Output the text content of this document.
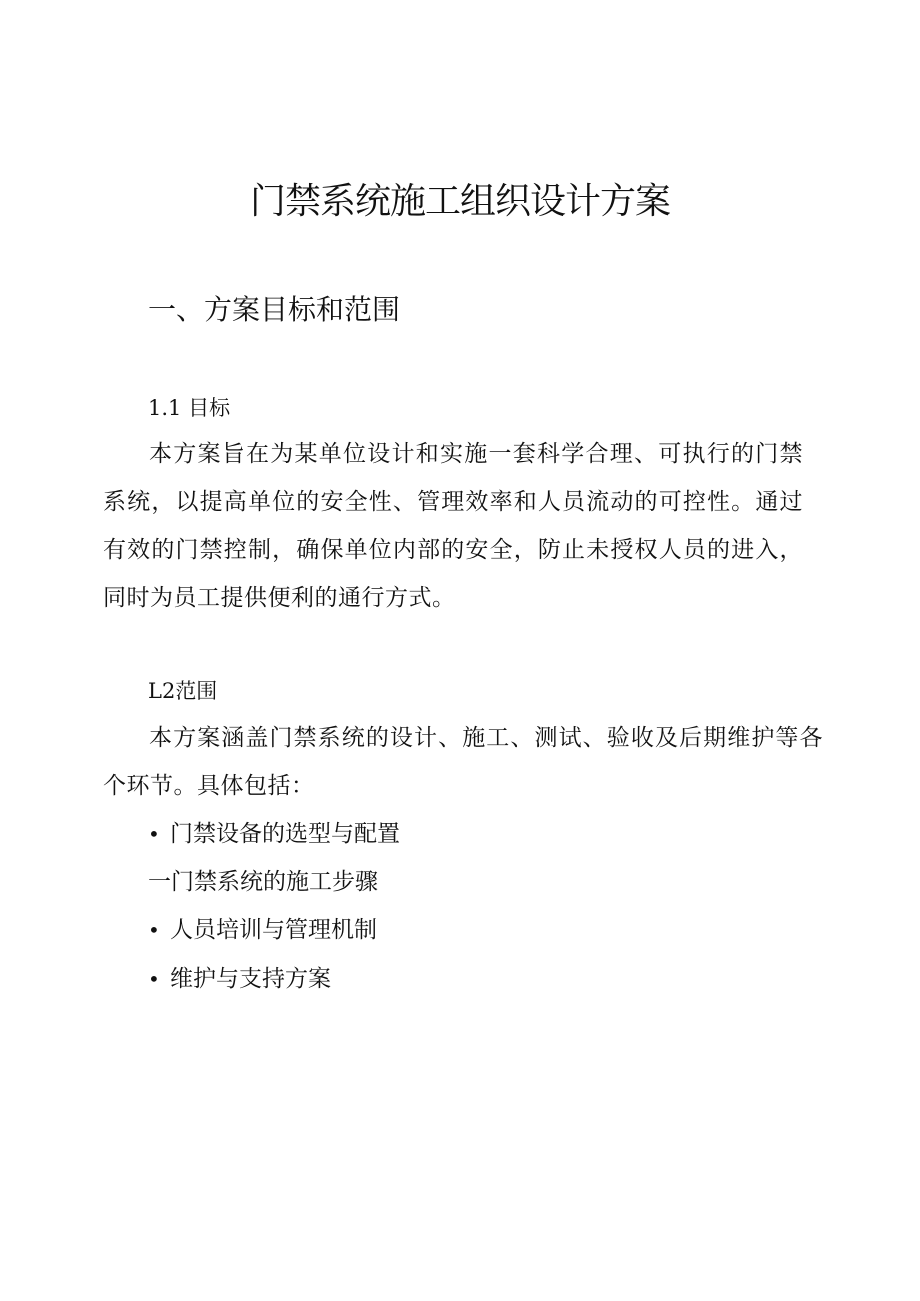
门禁系统施工组织设计方案
一、方案目标和范围
1.1 目标

本方案旨在为某单位设计和实施一套科学合理、可执行的门禁系统，以提高单位的安全性、管理效率和人员流动的可控性。通过有效的门禁控制，确保单位内部的安全，防止未授权人员的进入，同时为员工提供便利的通行方式。

L2范围

本方案涵盖门禁系统的设计、施工、测试、验收及后期维护等各个环节。具体包括：

• 门禁设备的选型与配置
一门禁系统的施工步骤
• 人员培训与管理机制
• 维护与支持方案
